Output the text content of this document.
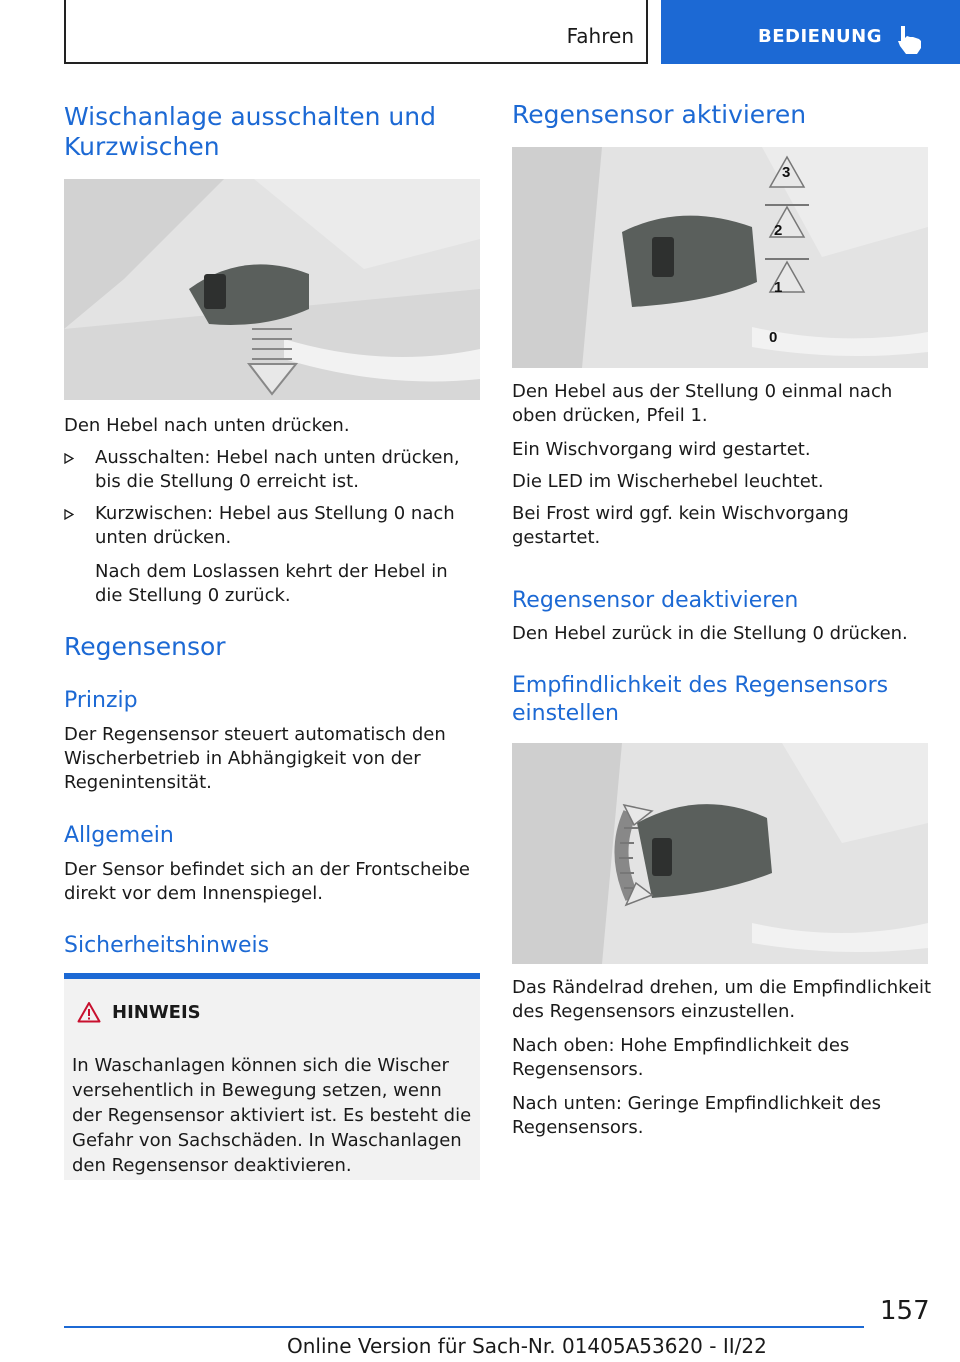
Fahren	BEDIENUNG
Wischanlage ausschalten und Kurzwischen

Den Hebel nach unten drücken.

Ausschalten: Hebel nach unten drücken, bis die Stellung 0 erreicht ist.

Kurzwischen: Hebel aus Stellung 0 nach unten drücken.

Nach dem Loslassen kehrt der Hebel in die Stellung 0 zurück.

Regensensor
Prinzip

Der Regensensor steuert automatisch den Wischerbetrieb in Abhängigkeit von der Regenintensität.

Allgemein

Der Sensor befindet sich an der Frontscheibe direkt vor dem Innenspiegel.

Sicherheitshinweis
HINWEIS

In Waschanlagen können sich die Wischer versehentlich in Bewegung setzen, wenn der Regensensor aktiviert ist. Es besteht die Gefahr von Sachschäden. In Waschanlagen den Regensensor deaktivieren.

Regensensor aktivieren
3
2
1
0

Den Hebel aus der Stellung 0 einmal nach oben drücken, Pfeil 1.

Ein Wischvorgang wird gestartet.

Die LED im Wischerhebel leuchtet.

Bei Frost wird ggf. kein Wischvorgang gestartet.

Regensensor deaktivieren

Den Hebel zurück in die Stellung 0 drücken.

Empfindlichkeit des Regensensors einstellen

Das Rändelrad drehen, um die Empfindlichkeit des Regensensors einzustellen.

Nach oben: Hohe Empfindlichkeit des Regensensors.

Nach unten: Geringe Empfindlichkeit des Regensensors.

157
Online Version für Sach-Nr. 01405A53620 - II/22
